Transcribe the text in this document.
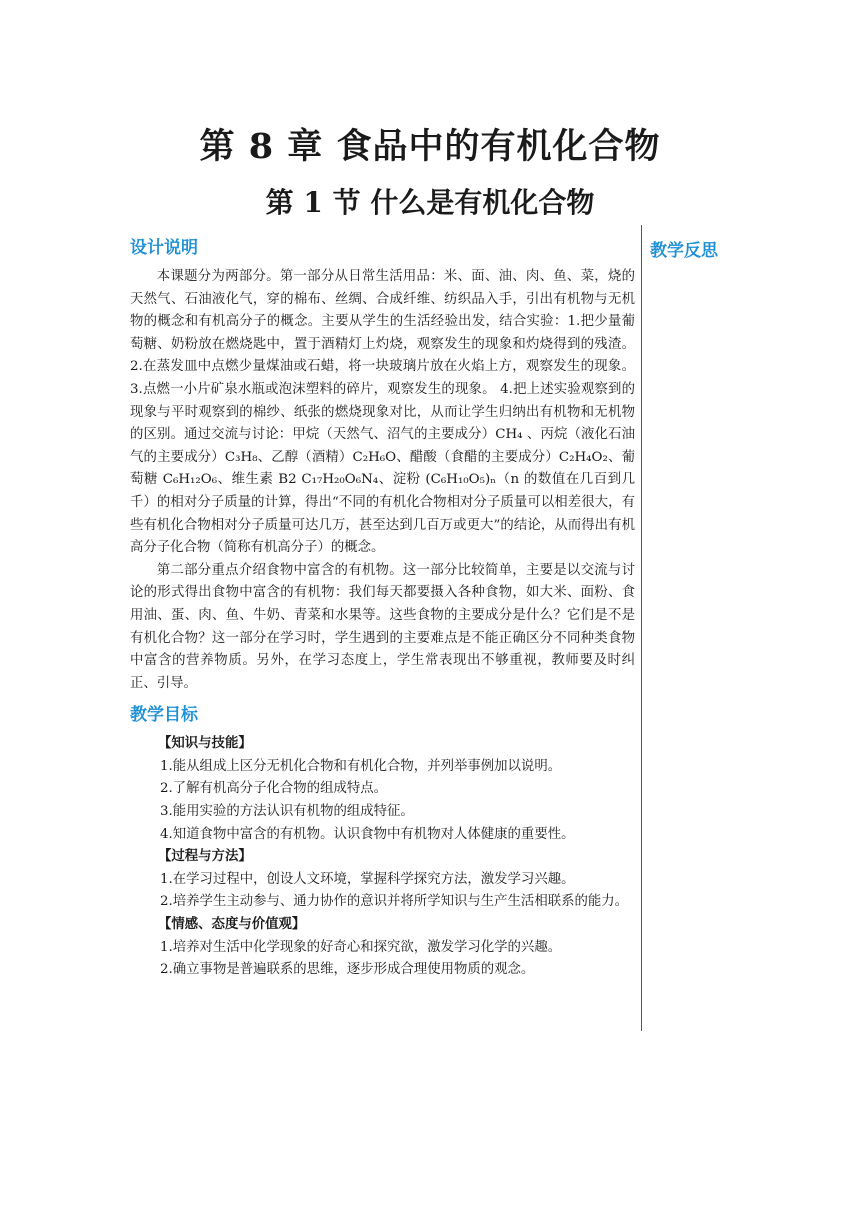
第 8 章 食品中的有机化合物
第 1 节 什么是有机化合物
教学反思
设计说明

本课题分为两部分。第一部分从日常生活用品：米、面、油、肉、鱼、菜，烧的天然气、石油液化气，穿的棉布、丝绸、合成纤维、纺织品入手，引出有机物与无机物的概念和有机高分子的概念。主要从学生的生活经验出发，结合实验：1.把少量葡萄糖、奶粉放在燃烧匙中，置于酒精灯上灼烧，观察发生的现象和灼烧得到的残渣。 2.在蒸发皿中点燃少量煤油或石蜡，将一块玻璃片放在火焰上方，观察发生的现象。 3.点燃一小片矿泉水瓶或泡沫塑料的碎片，观察发生的现象。 4.把上述实验观察到的现象与平时观察到的棉纱、纸张的燃烧现象对比，从而让学生归纳出有机物和无机物的区别。通过交流与讨论：甲烷（天然气、沼气的主要成分）CH₄ 、丙烷（液化石油气的主要成分）C₃H₈、乙醇（酒精）C₂H₆O、醋酸（食醋的主要成分）C₂H₄O₂、葡萄糖 C₆H₁₂O₆、维生素 B2 C₁₇H₂₀O₆N₄、淀粉 (C₆H₁₀O₅)ₙ（n 的数值在几百到几千）的相对分子质量的计算，得出“不同的有机化合物相对分子质量可以相差很大，有些有机化合物相对分子质量可达几万，甚至达到几百万或更大”的结论，从而得出有机高分子化合物（简称有机高分子）的概念。

第二部分重点介绍食物中富含的有机物。这一部分比较简单，主要是以交流与讨论的形式得出食物中富含的有机物：我们每天都要摄入各种食物，如大米、面粉、食用油、蛋、肉、鱼、牛奶、青菜和水果等。这些食物的主要成分是什么？它们是不是有机化合物？这一部分在学习时，学生遇到的主要难点是不能正确区分不同种类食物中富含的营养物质。另外，在学习态度上，学生常表现出不够重视，教师要及时纠正、引导。

教学目标

【知识与技能】

1.能从组成上区分无机化合物和有机化合物，并列举事例加以说明。

2.了解有机高分子化合物的组成特点。

3.能用实验的方法认识有机物的组成特征。

4.知道食物中富含的有机物。认识食物中有机物对人体健康的重要性。

【过程与方法】

1.在学习过程中，创设人文环境，掌握科学探究方法，激发学习兴趣。

2.培养学生主动参与、通力协作的意识并将所学知识与生产生活相联系的能力。

【情感、态度与价值观】

1.培养对生活中化学现象的好奇心和探究欲，激发学习化学的兴趣。

2.确立事物是普遍联系的思维，逐步形成合理使用物质的观念。
